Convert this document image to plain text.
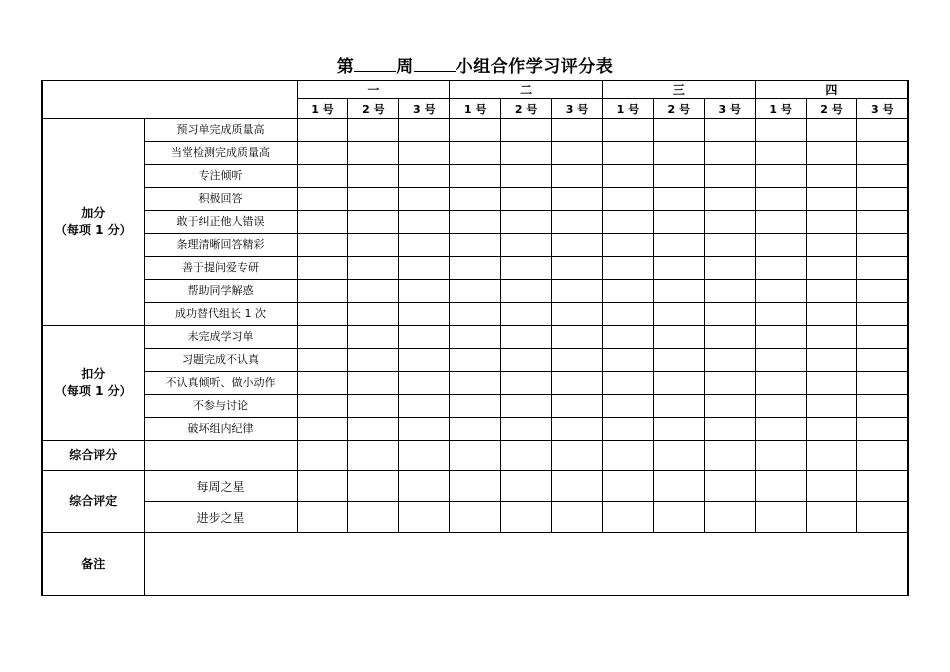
第 周 小组合作学习评分表
		一			二			三			四		
		1 号	2 号	3 号	1 号	2 号	3 号	1 号	2 号	3 号	1 号	2 号	3 号

加分
（每项 1 分）	预习单完成质量高												
	当堂检测完成质量高												
	专注倾听												
	积极回答												
	敢于纠正他人错误												
	条理清晰回答精彩												
	善于提问爱专研												
	帮助同学解惑												
	成功替代组长 1 次												

扣分
（每项 1 分）	未完成学习单												
	习题完成不认真												
	不认真倾听、做小动作												
	不参与讨论												
	破坏组内纪律												
综合评分													
综合评定	每周之星												
	进步之星												
备注													
